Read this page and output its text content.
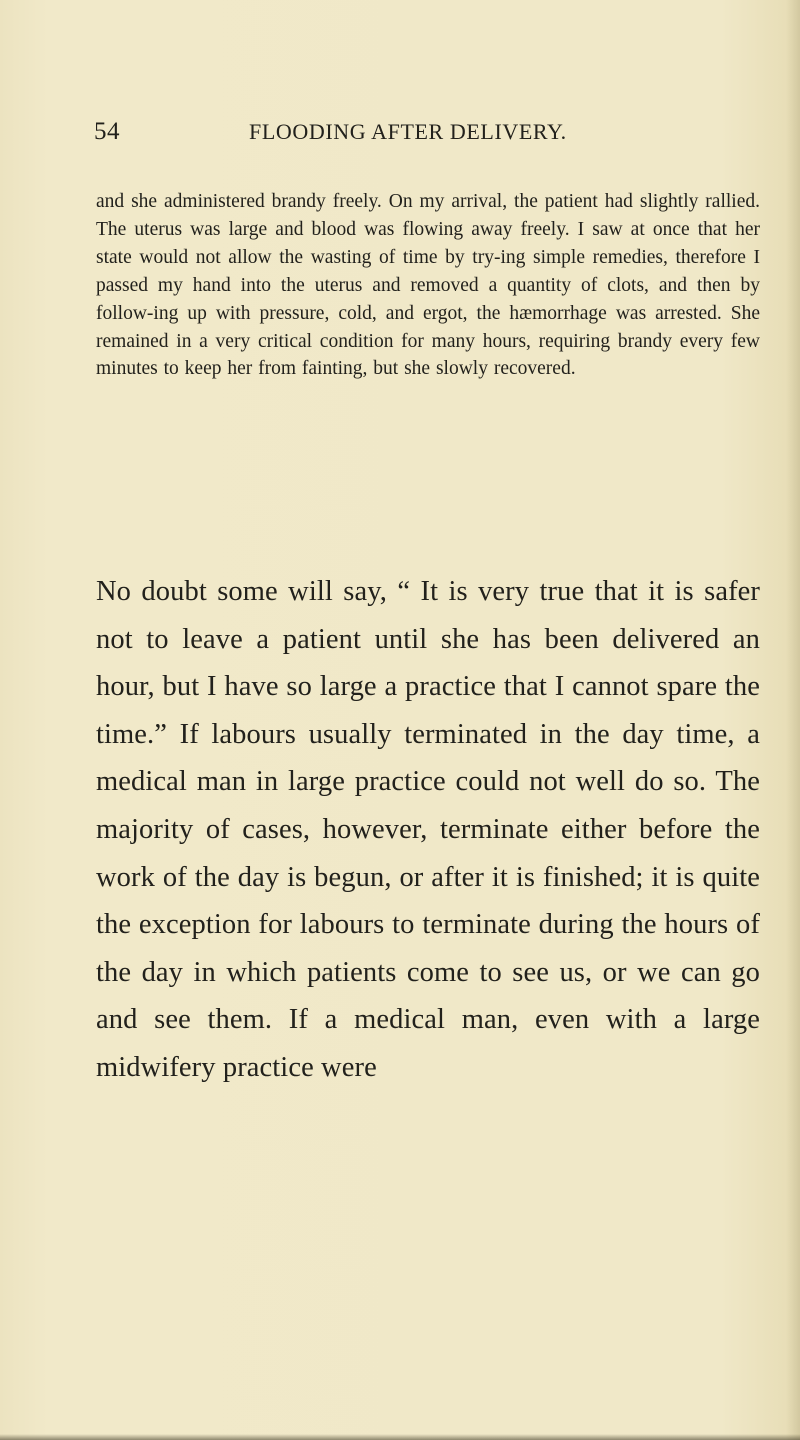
54	FLOODING AFTER DELIVERY.

and she administered brandy freely. On my arrival, the patient had slightly rallied. The uterus was large and blood was flowing away freely. I saw at once that her state would not allow the wasting of time by try-ing simple remedies, therefore I passed my hand into the uterus and removed a quantity of clots, and then by follow-ing up with pressure, cold, and ergot, the hæmorrhage was arrested. She remained in a very critical condition for many hours, requiring brandy every few minutes to keep her from fainting, but she slowly recovered.

No doubt some will say, “ It is very true that it is safer not to leave a patient until she has been delivered an hour, but I have so large a practice that I cannot spare the time.” If labours usually terminated in the day time, a medical man in large practice could not well do so. The majority of cases, however, terminate either before the work of the day is begun, or after it is finished; it is quite the exception for labours to terminate during the hours of the day in which patients come to see us, or we can go and see them. If a medical man, even with a large midwifery practice were
